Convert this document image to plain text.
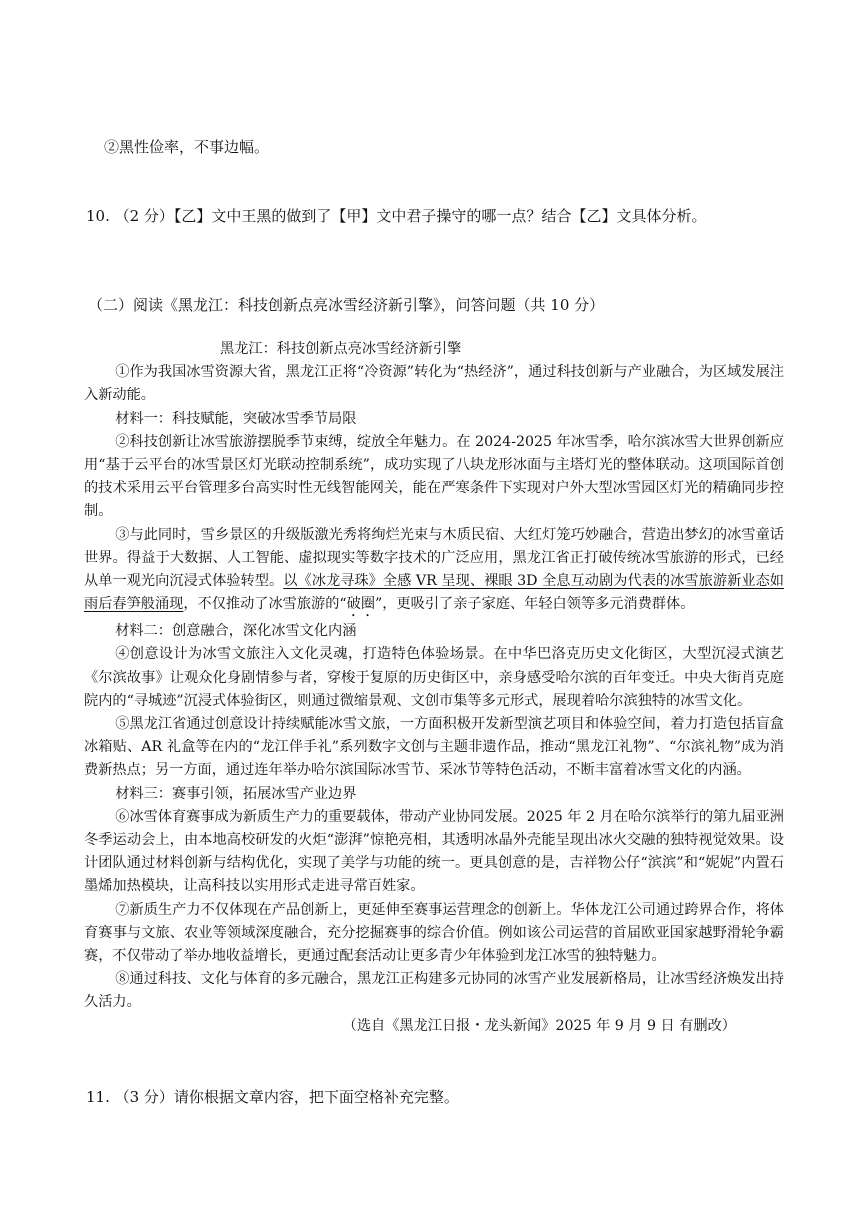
②黑性俭率，不事边幅。

10. （2 分）【乙】文中王黑的做到了【甲】文中君子操守的哪一点？结合【乙】文具体分析。

（二）阅读《黑龙江：科技创新点亮冰雪经济新引擎》，问答问题（共 10 分）

黑龙江：科技创新点亮冰雪经济新引擎

①作为我国冰雪资源大省，黑龙江正将“冷资源”转化为“热经济”，通过科技创新与产业融合，为区域发展注入新动能。

材料一：科技赋能，突破冰雪季节局限

②科技创新让冰雪旅游摆脱季节束缚，绽放全年魅力。在 2024-2025 年冰雪季，哈尔滨冰雪大世界创新应用“基于云平台的冰雪景区灯光联动控制系统”，成功实现了八块龙形冰面与主塔灯光的整体联动。这项国际首创的技术采用云平台管理多台高实时性无线智能网关，能在严寒条件下实现对户外大型冰雪园区灯光的精确同步控制。

③与此同时，雪乡景区的升级版激光秀将绚烂光束与木质民宿、大红灯笼巧妙融合，营造出梦幻的冰雪童话世界。得益于大数据、人工智能、虚拟现实等数字技术的广泛应用，黑龙江省正打破传统冰雪旅游的形式，已经从单一观光向沉浸式体验转型。以《冰龙寻珠》全感 VR 呈现、裸眼 3D 全息互动剧为代表的冰雪旅游新业态如雨后春笋般涌现，不仅推动了冰雪旅游的“破圈”，更吸引了亲子家庭、年轻白领等多元消费群体。

材料二：创意融合，深化冰雪文化内涵

④创意设计为冰雪文旅注入文化灵魂，打造特色体验场景。在中华巴洛克历史文化街区，大型沉浸式演艺《尔滨故事》让观众化身剧情参与者，穿梭于复原的历史街区中，亲身感受哈尔滨的百年变迁。中央大街肖克庭院内的“寻城迹”沉浸式体验街区，则通过微缩景观、文创市集等多元形式，展现着哈尔滨独特的冰雪文化。

⑤黑龙江省通过创意设计持续赋能冰雪文旅，一方面积极开发新型演艺项目和体验空间，着力打造包括盲盒冰箱贴、AR 礼盒等在内的“龙江伴手礼”系列数字文创与主题非遗作品，推动“黑龙江礼物”、“尔滨礼物”成为消费新热点；另一方面，通过连年举办哈尔滨国际冰雪节、采冰节等特色活动，不断丰富着冰雪文化的内涵。

材料三：赛事引领，拓展冰雪产业边界

⑥冰雪体育赛事成为新质生产力的重要载体，带动产业协同发展。2025 年 2 月在哈尔滨举行的第九届亚洲冬季运动会上，由本地高校研发的火炬“澎湃”惊艳亮相，其透明冰晶外壳能呈现出冰火交融的独特视觉效果。设计团队通过材料创新与结构优化，实现了美学与功能的统一。更具创意的是，吉祥物公仔“滨滨”和“妮妮”内置石墨烯加热模块，让高科技以实用形式走进寻常百姓家。

⑦新质生产力不仅体现在产品创新上，更延伸至赛事运营理念的创新上。华体龙江公司通过跨界合作，将体育赛事与文旅、农业等领域深度融合，充分挖掘赛事的综合价值。例如该公司运营的首届欧亚国家越野滑轮争霸赛，不仅带动了举办地收益增长，更通过配套活动让更多青少年体验到龙江冰雪的独特魅力。

⑧通过科技、文化与体育的多元融合，黑龙江正构建多元协同的冰雪产业发展新格局，让冰雪经济焕发出持久活力。

（选自《黑龙江日报・龙头新闻》2025 年 9 月 9 日 有删改）

11. （3 分）请你根据文章内容，把下面空格补充完整。
